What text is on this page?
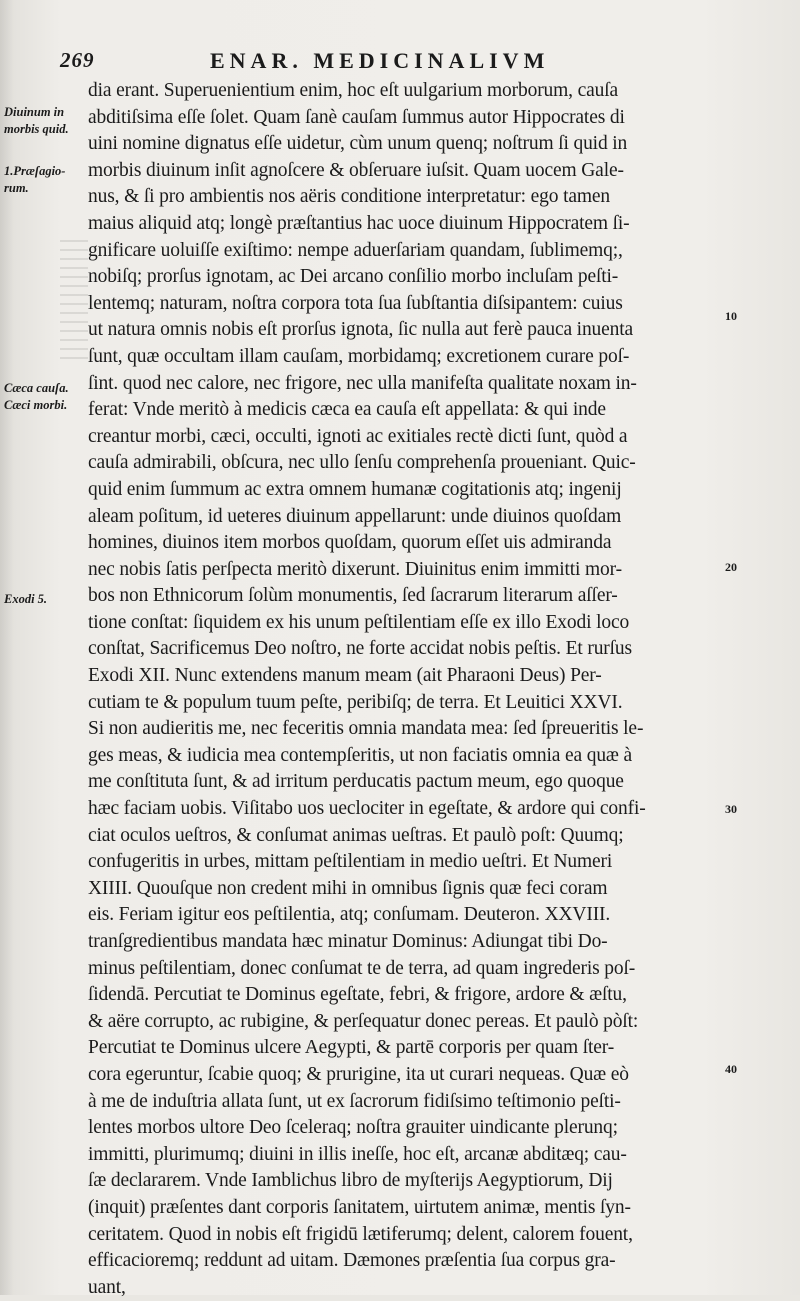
269	ENAR. MEDICINALIVM
Diuinum in
morbis quid.
1.Præſagio-
rum.
Cæca cauſa.
Cæci morbi.
Exodi 5.
dia erant. Superuenientium enim, hoc eſt uulgarium morborum, cauſa
abditiſsima eſſe ſolet. Quam ſanè cauſam ſummus autor Hippocrates di
uini nomine dignatus eſſe uidetur, cùm unum quenq; noſtrum ſi quid in
morbis diuinum inſit agnoſcere & obſeruare iuſsit. Quam uocem Gale-
nus, & ſi pro ambientis nos aëris conditione interpretatur: ego tamen
maius aliquid atq; longè præſtantius hac uoce diuinum Hippocratem ſi-
gnificare uoluiſſe exiſtimo: nempe aduerſariam quandam, ſublimemq;,
nobiſq; prorſus ignotam, ac Dei arcano conſilio morbo incluſam peſti-
lentemq; naturam, noſtra corpora tota ſua ſubſtantia diſsipantem: cuius
ut natura omnis nobis eſt prorſus ignota, ſic nulla aut ferè pauca inuenta
ſunt, quæ occultam illam cauſam, morbidamq; excretionem curare poſ-
ſint. quod nec calore, nec frigore, nec ulla manifeſta qualitate noxam in-
ferat: Vnde meritò à medicis cæca ea cauſa eſt appellata: & qui inde
creantur morbi, cæci, occulti, ignoti ac exitiales rectè dicti ſunt, quòd a
cauſa admirabili, obſcura, nec ullo ſenſu comprehenſa proueniant. Quic-
quid enim ſummum ac extra omnem humanæ cogitationis atq; ingenij
aleam poſitum, id ueteres diuinum appellarunt: unde diuinos quoſdam
homines, diuinos item morbos quoſdam, quorum eſſet uis admiranda
nec nobis ſatis perſpecta meritò dixerunt. Diuinitus enim immitti mor-
bos non Ethnicorum ſolùm monumentis, ſed ſacrarum literarum aſſer-
tione conſtat: ſiquidem ex his unum peſtilentiam eſſe ex illo Exodi loco
conſtat, Sacrificemus Deo noſtro, ne forte accidat nobis peſtis. Et rurſus
Exodi XII. Nunc extendens manum meam (ait Pharaoni Deus) Per-
cutiam te & populum tuum peſte, peribiſq; de terra. Et Leuitici XXVI.
Si non audieritis me, nec feceritis omnia mandata mea: ſed ſpreueritis le-
ges meas, & iudicia mea contempſeritis, ut non faciatis omnia ea quæ à
me conſtituta ſunt, & ad irritum perducatis pactum meum, ego quoque
hæc faciam uobis. Viſitabo uos ueclociter in egeſtate, & ardore qui confi-
ciat oculos ueſtros, & conſumat animas ueſtras. Et paulò poſt: Quumq;
confugeritis in urbes, mittam peſtilentiam in medio ueſtri. Et Numeri
XIIII. Quouſque non credent mihi in omnibus ſignis quæ feci coram
eis. Feriam igitur eos peſtilentia, atq; conſumam. Deuteron. XXVIII.
tranſgredientibus mandata hæc minatur Dominus: Adiungat tibi Do-
minus peſtilentiam, donec conſumat te de terra, ad quam ingrederis poſ-
ſidendā. Percutiat te Dominus egeſtate, febri, & frigore, ardore & æſtu,
& aëre corrupto, ac rubigine, & perſequatur donec pereas. Et paulò pòſt:
Percutiat te Dominus ulcere Aegypti, & partē corporis per quam ſter-
cora egeruntur, ſcabie quoq; & prurigine, ita ut curari nequeas. Quæ eò
à me de induſtria allata ſunt, ut ex ſacrorum fidiſsimo teſtimonio peſti-
lentes morbos ultore Deo ſceleraq; noſtra grauiter uindicante plerunq;
immitti, plurimumq; diuini in illis ineſſe, hoc eſt, arcanæ abditæq; cau-
ſæ declararem. Vnde Iamblichus libro de myſterijs Aegyptiorum, Dij
(inquit) præſentes dant corporis ſanitatem, uirtutem animæ, mentis ſyn-
ceritatem. Quod in nobis eſt frigidū lætiferumq; delent, calorem fouent,
efficacioremq; reddunt ad uitam. Dæmones præſentia ſua corpus gra-
uant,
10
20
30
40
